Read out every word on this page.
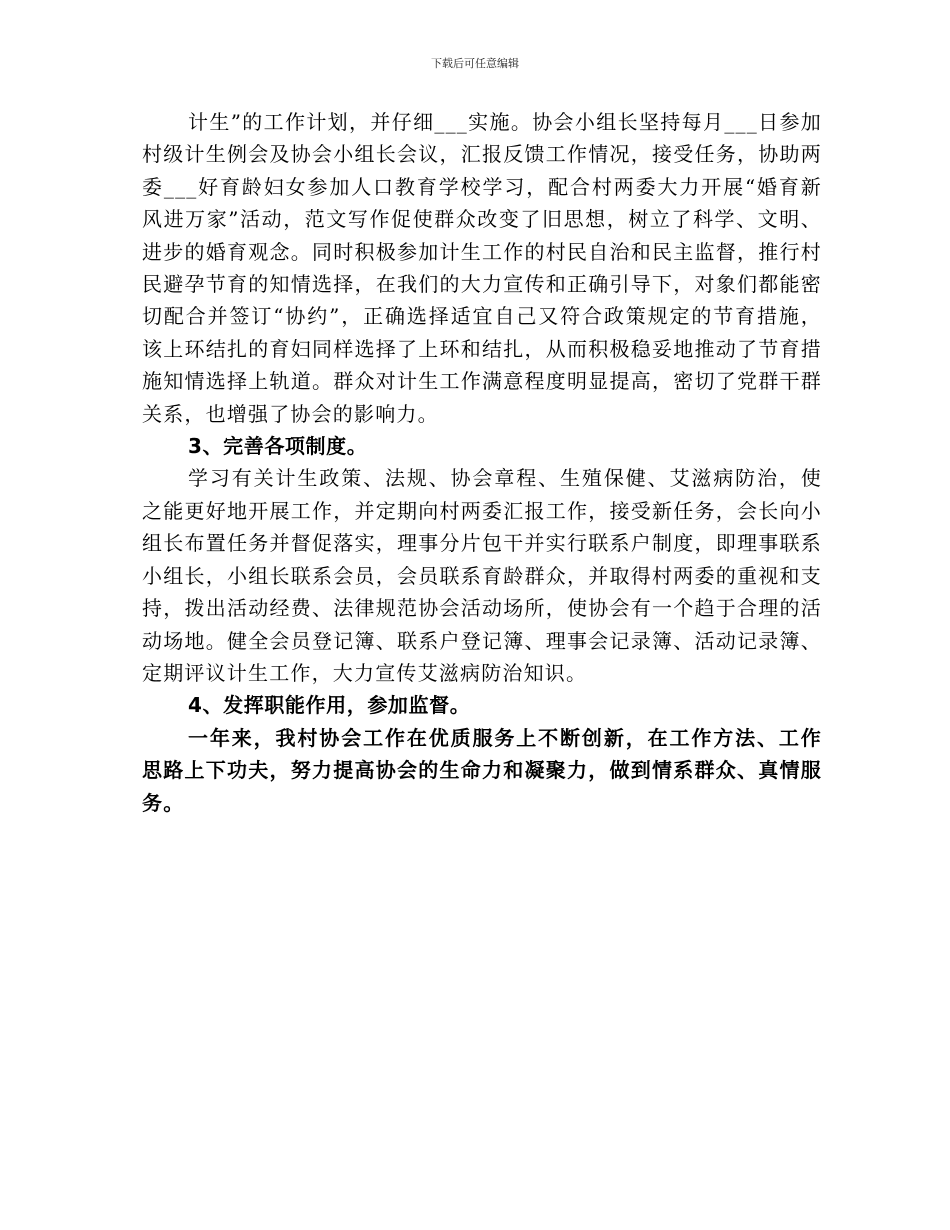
下载后可任意编辑

计生”的工作计划，并仔细___实施。协会小组长坚持每月___日参加村级计生例会及协会小组长会议，汇报反馈工作情况，接受任务，协助两委___好育龄妇女参加人口教育学校学习，配合村两委大力开展“婚育新风进万家”活动，范文写作促使群众改变了旧思想，树立了科学、文明、进步的婚育观念。同时积极参加计生工作的村民自治和民主监督，推行村民避孕节育的知情选择，在我们的大力宣传和正确引导下，对象们都能密切配合并签订“协约”，正确选择适宜自己又符合政策规定的节育措施，该上环结扎的育妇同样选择了上环和结扎，从而积极稳妥地推动了节育措施知情选择上轨道。群众对计生工作满意程度明显提高，密切了党群干群关系，也增强了协会的影响力。

3、完善各项制度。

学习有关计生政策、法规、协会章程、生殖保健、艾滋病防治，使之能更好地开展工作，并定期向村两委汇报工作，接受新任务，会长向小组长布置任务并督促落实，理事分片包干并实行联系户制度，即理事联系小组长，小组长联系会员，会员联系育龄群众，并取得村两委的重视和支持，拨出活动经费、法律规范协会活动场所，使协会有一个趋于合理的活动场地。健全会员登记簿、联系户登记簿、理事会记录簿、活动记录簿、定期评议计生工作，大力宣传艾滋病防治知识。

4、发挥职能作用，参加监督。

一年来，我村协会工作在优质服务上不断创新，在工作方法、工作思路上下功夫，努力提高协会的生命力和凝聚力，做到情系群众、真情服务。
